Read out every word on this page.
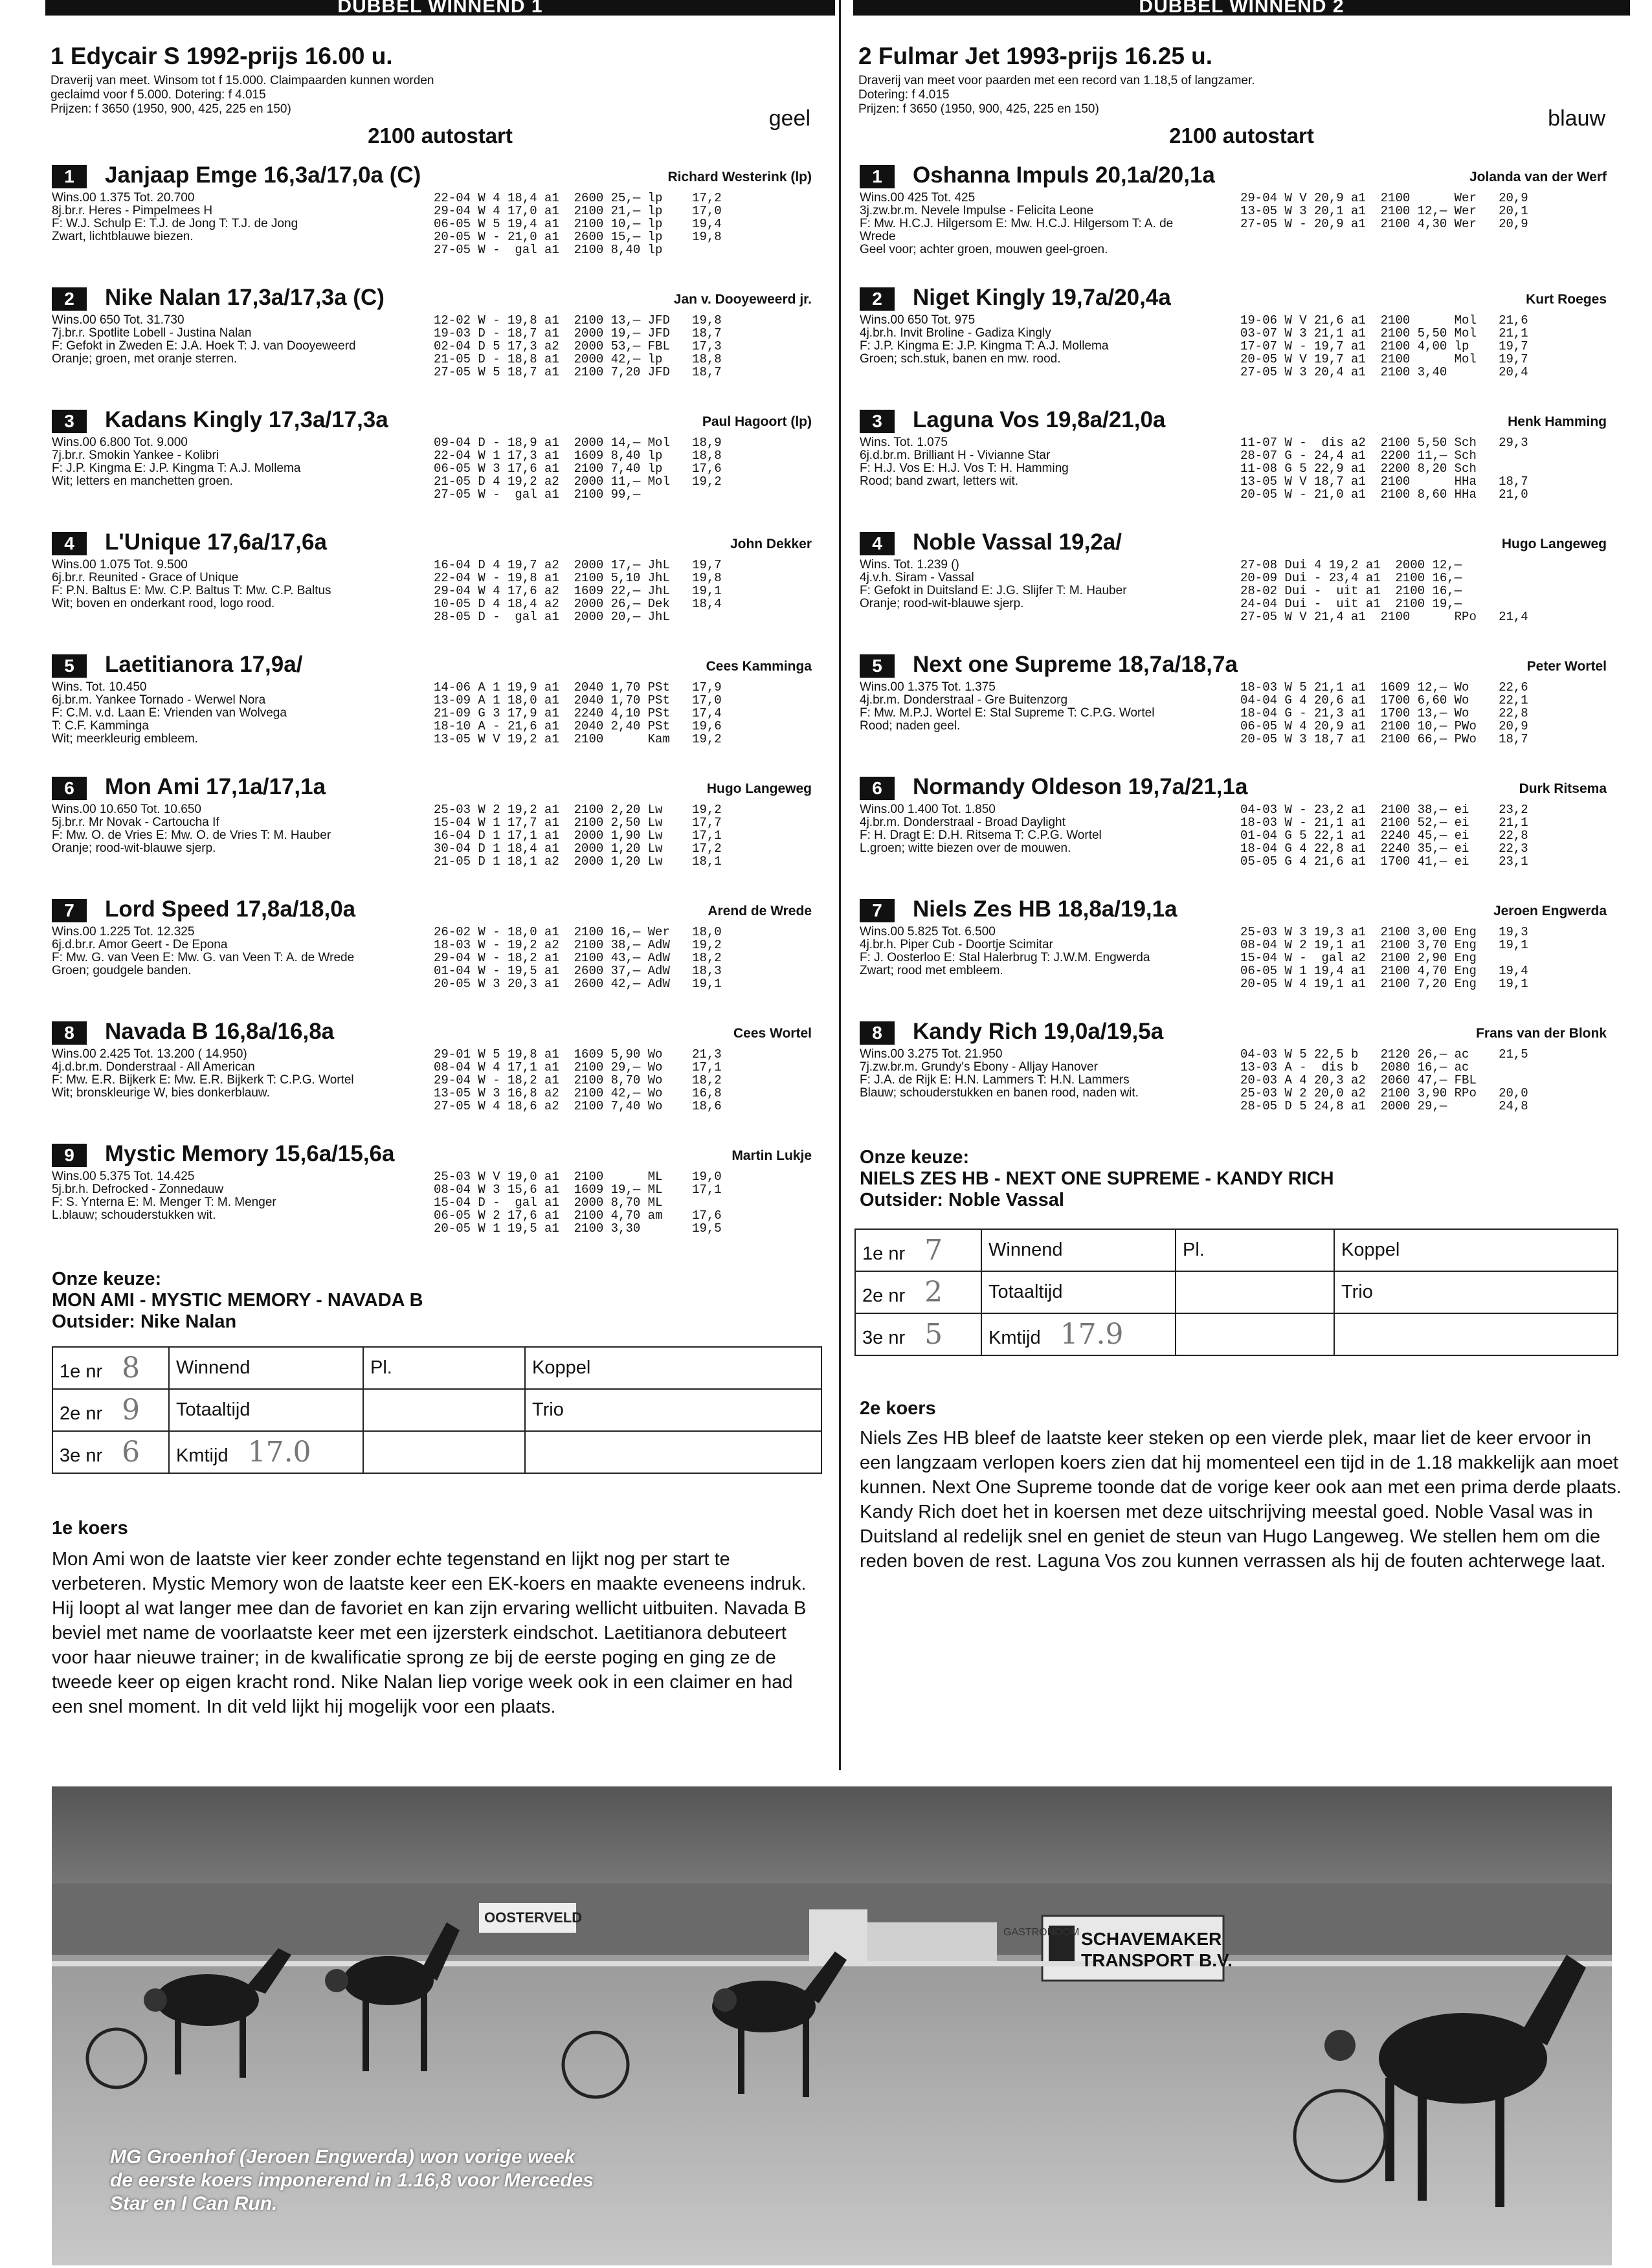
DUBBEL WINNEND 1
1 Edycair S 1992-prijs 16.00 u.
Draverij van meet. Winsom tot f 15.000. Claimpaarden kunnen worden
geclaimd voor f 5.000. Dotering: f 4.015
Prijzen: f 3650 (1950, 900, 425, 225 en 150)	geel
2100 autostart
1	Janjaap Emge 16,3a/17,0a (C)	Richard Westerink (lp)
Wins.00 1.375 Tot. 20.700
8j.br.r. Heres - Pimpelmees H
F: W.J. Schulp E: T.J. de Jong T: T.J. de Jong
Zwart, lichtblauwe biezen.
22-04 W 4 18,4 a1  2600 25,— lp    17,2
29-04 W 4 17,0 a1  2100 21,— lp    17,0
06-05 W 5 19,4 a1  2100 10,— lp    19,4
20-05 W - 21,0 a1  2600 15,— lp    19,8
27-05 W -  gal a1  2100 8,40 lp
2	Nike Nalan 17,3a/17,3a (C)	Jan v. Dooyeweerd jr.
Wins.00 650 Tot. 31.730
7j.br.r. Spotlite Lobell - Justina Nalan
F: Gefokt in Zweden E: J.A. Hoek T: J. van Dooyeweerd
Oranje; groen, met oranje sterren.
12-02 W - 19,8 a1  2100 13,— JFD   19,8
19-03 D - 18,7 a1  2000 19,— JFD   18,7
02-04 D 5 17,3 a2  2000 53,— FBL   17,3
21-05 D - 18,8 a1  2000 42,— lp    18,8
27-05 W 5 18,7 a1  2100 7,20 JFD   18,7
3	Kadans Kingly 17,3a/17,3a	Paul Hagoort (lp)
Wins.00 6.800 Tot. 9.000
7j.br.r. Smokin Yankee - Kolibri
F: J.P. Kingma E: J.P. Kingma T: A.J. Mollema
Wit; letters en manchetten groen.
09-04 D - 18,9 a1  2000 14,— Mol   18,9
22-04 W 1 17,3 a1  1609 8,40 lp    18,8
06-05 W 3 17,6 a1  2100 7,40 lp    17,6
21-05 D 4 19,2 a2  2000 11,— Mol   19,2
27-05 W -  gal a1  2100 99,—
4	L'Unique 17,6a/17,6a	John Dekker
Wins.00 1.075 Tot. 9.500
6j.br.r. Reunited - Grace of Unique
F: P.N. Baltus E: Mw. C.P. Baltus T: Mw. C.P. Baltus
Wit; boven en onderkant rood, logo rood.
16-04 D 4 19,7 a2  2000 17,— JhL   19,7
22-04 W - 19,8 a1  2100 5,10 JhL   19,8
29-04 W 4 17,6 a2  1609 22,— JhL   19,1
10-05 D 4 18,4 a2  2000 26,— Dek   18,4
28-05 D -  gal a1  2000 20,— JhL
5	Laetitianora 17,9a/	Cees Kamminga
Wins. Tot. 10.450
6j.br.m. Yankee Tornado - Werwel Nora
F: C.M. v.d. Laan E: Vrienden van Wolvega
T: C.F. Kamminga
Wit; meerkleurig embleem.
14-06 A 1 19,9 a1  2040 1,70 PSt   17,9
13-09 A 1 18,0 a1  2040 1,70 PSt   17,0
21-09 G 3 17,9 a1  2240 4,10 PSt   17,4
18-10 A - 21,6 a1  2040 2,40 PSt   19,6
13-05 W V 19,2 a1  2100      Kam   19,2
6	Mon Ami 17,1a/17,1a	Hugo Langeweg
Wins.00 10.650 Tot. 10.650
5j.br.r. Mr Novak - Cartoucha If
F: Mw. O. de Vries E: Mw. O. de Vries T: M. Hauber
Oranje; rood-wit-blauwe sjerp.
25-03 W 2 19,2 a1  2100 2,20 Lw    19,2
15-04 W 1 17,7 a1  2100 2,50 Lw    17,7
16-04 D 1 17,1 a1  2000 1,90 Lw    17,1
30-04 D 1 18,4 a1  2000 1,20 Lw    17,2
21-05 D 1 18,1 a2  2000 1,20 Lw    18,1
7	Lord Speed 17,8a/18,0a	Arend de Wrede
Wins.00 1.225 Tot. 12.325
6j.d.br.r. Amor Geert - De Epona
F: Mw. G. van Veen E: Mw. G. van Veen T: A. de Wrede
Groen; goudgele banden.
26-02 W - 18,0 a1  2100 16,— Wer   18,0
18-03 W - 19,2 a2  2100 38,— AdW   19,2
29-04 W - 18,2 a1  2100 43,— AdW   18,2
01-04 W - 19,5 a1  2600 37,— AdW   18,3
20-05 W 3 20,3 a1  2600 42,— AdW   19,1
8	Navada B 16,8a/16,8a	Cees Wortel
Wins.00 2.425 Tot. 13.200 ( 14.950)
4j.d.br.m. Donderstraal - All American
F: Mw. E.R. Bijkerk E: Mw. E.R. Bijkerk T: C.P.G. Wortel
Wit; bronskleurige W, bies donkerblauw.
29-01 W 5 19,8 a1  1609 5,90 Wo    21,3
08-04 W 4 17,1 a1  2100 29,— Wo    17,1
29-04 W - 18,2 a1  2100 8,70 Wo    18,2
13-05 W 3 16,8 a2  2100 42,— Wo    16,8
27-05 W 4 18,6 a2  2100 7,40 Wo    18,6
9	Mystic Memory 15,6a/15,6a	Martin Lukje
Wins.00 5.375 Tot. 14.425
5j.br.h. Defrocked - Zonnedauw
F: S. Ynterna E: M. Menger T: M. Menger
L.blauw; schouderstukken wit.
25-03 W V 19,0 a1  2100      ML    19,0
08-04 W 3 15,6 a1  1609 19,— ML    17,1
15-04 D -  gal a1  2000 8,70 ML
06-05 W 2 17,6 a1  2100 4,70 am    17,6
20-05 W 1 19,5 a1  2100 3,30       19,5
Onze keuze:
MON AMI - MYSTIC MEMORY - NAVADA B
Outsider: Nike Nalan
1e nr 8	Winnend	Pl.	Koppel
2e nr 9	Totaaltijd		Trio
3e nr 6	Kmtijd 17.0		
1e koers
Mon Ami won de laatste vier keer zonder echte tegenstand en lijkt nog per start te verbeteren. Mystic Memory won de laatste keer een EK-koers en maakte eveneens indruk. Hij loopt al wat langer mee dan de favoriet en kan zijn ervaring wellicht uitbuiten. Navada B beviel met name de voorlaatste keer met een ijzersterk eindschot. Laetitianora debuteert voor haar nieuwe trainer; in de kwalificatie sprong ze bij de eerste poging en ging ze de tweede keer op eigen kracht rond. Nike Nalan liep vorige week ook in een claimer en had een snel moment. In dit veld lijkt hij mogelijk voor een plaats.
DUBBEL WINNEND 2
2 Fulmar Jet 1993-prijs 16.25 u.
Draverij van meet voor paarden met een record van 1.18,5 of langzamer.
Dotering: f 4.015
Prijzen: f 3650 (1950, 900, 425, 225 en 150)	blauw
2100 autostart
1	Oshanna Impuls 20,1a/20,1a	Jolanda van der Werf
Wins.00 425 Tot. 425
3j.zw.br.m. Nevele Impulse - Felicita Leone
F: Mw. H.C.J. Hilgersom E: Mw. H.C.J. Hilgersom T: A. de
Wrede
Geel voor; achter groen, mouwen geel-groen.
29-04 W V 20,9 a1  2100      Wer   20,9
13-05 W 3 20,1 a1  2100 12,— Wer   20,1
27-05 W - 20,9 a1  2100 4,30 Wer   20,9
2	Niget Kingly 19,7a/20,4a	Kurt Roeges
Wins.00 650 Tot. 975
4j.br.h. Invit Broline - Gadiza Kingly
F: J.P. Kingma E: J.P. Kingma T: A.J. Mollema
Groen; sch.stuk, banen en mw. rood.
19-06 W V 21,6 a1  2100      Mol   21,6
03-07 W 3 21,1 a1  2100 5,50 Mol   21,1
17-07 W - 19,7 a1  2100 4,00 lp    19,7
20-05 W V 19,7 a1  2100      Mol   19,7
27-05 W 3 20,4 a1  2100 3,40       20,4
3	Laguna Vos 19,8a/21,0a	Henk Hamming
Wins. Tot. 1.075
6j.d.br.m. Brilliant H - Vivianne Star
F: H.J. Vos E: H.J. Vos T: H. Hamming
Rood; band zwart, letters wit.
11-07 W -  dis a2  2100 5,50 Sch   29,3
28-07 G - 24,4 a1  2200 11,— Sch
11-08 G 5 22,9 a1  2200 8,20 Sch
13-05 W V 18,7 a1  2100      HHa   18,7
20-05 W - 21,0 a1  2100 8,60 HHa   21,0
4	Noble Vassal 19,2a/	Hugo Langeweg
Wins. Tot. 1.239 ()
4j.v.h. Siram - Vassal
F: Gefokt in Duitsland E: J.G. Slijfer T: M. Hauber
Oranje; rood-wit-blauwe sjerp.
27-08 Dui 4 19,2 a1  2000 12,—
20-09 Dui - 23,4 a1  2100 16,—
28-02 Dui -  uit a1  2100 16,—
24-04 Dui -  uit a1  2100 19,—
27-05 W V 21,4 a1  2100      RPo   21,4
5	Next one Supreme 18,7a/18,7a	Peter Wortel
Wins.00 1.375 Tot. 1.375
4j.br.m. Donderstraal - Gre Buitenzorg
F: Mw. M.P.J. Wortel E: Stal Supreme T: C.P.G. Wortel
Rood; naden geel.
18-03 W 5 21,1 a1  1609 12,— Wo    22,6
04-04 G 4 20,6 a1  1700 6,60 Wo    22,1
18-04 G - 21,3 a1  1700 13,— Wo    22,8
06-05 W 4 20,9 a1  2100 10,— PWo   20,9
20-05 W 3 18,7 a1  2100 66,— PWo   18,7
6	Normandy Oldeson 19,7a/21,1a	Durk Ritsema
Wins.00 1.400 Tot. 1.850
4j.br.m. Donderstraal - Broad Daylight
F: H. Dragt E: D.H. Ritsema T: C.P.G. Wortel
L.groen; witte biezen over de mouwen.
04-03 W - 23,2 a1  2100 38,— ei    23,2
18-03 W - 21,1 a1  2100 52,— ei    21,1
01-04 G 5 22,1 a1  2240 45,— ei    22,8
18-04 G 4 22,8 a1  2240 35,— ei    22,3
05-05 G 4 21,6 a1  1700 41,— ei    23,1
7	Niels Zes HB 18,8a/19,1a	Jeroen Engwerda
Wins.00 5.825 Tot. 6.500
4j.br.h. Piper Cub - Doortje Scimitar
F: J. Oosterloo E: Stal Halerbrug T: J.W.M. Engwerda
Zwart; rood met embleem.
25-03 W 3 19,3 a1  2100 3,00 Eng   19,3
08-04 W 2 19,1 a1  2100 3,70 Eng   19,1
15-04 W -  gal a2  2100 2,90 Eng
06-05 W 1 19,4 a1  2100 4,70 Eng   19,4
20-05 W 4 19,1 a1  2100 7,20 Eng   19,1
8	Kandy Rich 19,0a/19,5a	Frans van der Blonk
Wins.00 3.275 Tot. 21.950
7j.zw.br.m. Grundy's Ebony - Alljay Hanover
F: J.A. de Rijk E: H.N. Lammers T: H.N. Lammers
Blauw; schouderstukken en banen rood, naden wit.
04-03 W 5 22,5 b   2120 26,— ac    21,5
13-03 A -  dis b   2080 16,— ac
20-03 A 4 20,3 a2  2060 47,— FBL
25-03 W 2 20,0 a2  2100 3,90 RPo   20,0
28-05 D 5 24,8 a1  2000 29,—       24,8
Onze keuze:
NIELS ZES HB - NEXT ONE SUPREME - KANDY RICH
Outsider: Noble Vassal
1e nr 7	Winnend	Pl.	Koppel
2e nr 2	Totaaltijd		Trio
3e nr 5	Kmtijd 17.9		
2e koers
Niels Zes HB bleef de laatste keer steken op een vierde plek, maar liet de keer ervoor in een langzaam verlopen koers zien dat hij momenteel een tijd in de 1.18 makkelijk aan moet kunnen. Next One Supreme toonde dat de vorige keer ook aan met een prima derde plaats. Kandy Rich doet het in koersen met deze uitschrijving meestal goed. Noble Vasal was in Duitsland al redelijk snel en geniet de steun van Hugo Langeweg. We stellen hem om die reden boven de rest. Laguna Vos zou kunnen verrassen als hij de fouten achterwege laat.
OOSTERVELD
SCHAVEMAKER
TRANSPORT B.V.
GASTRONOOM
MG Groenhof (Jeroen Engwerda) won vorige week
de eerste koers imponerend in 1.16,8 voor Mercedes
Star en I Can Run.
